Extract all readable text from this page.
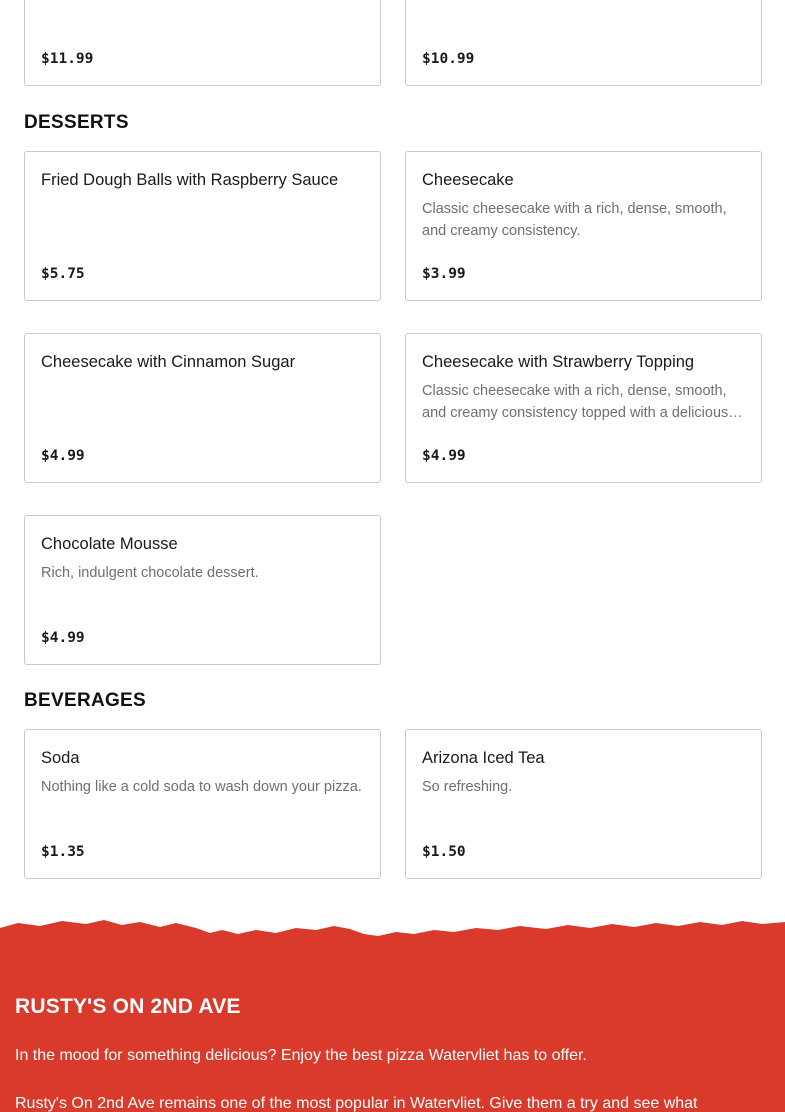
$11.99	$10.99
DESSERTS
Fried Dough Balls with Raspberry Sauce
$5.75
Cheesecake
Classic cheesecake with a rich, dense, smooth, and creamy consistency.
$3.99
Cheesecake with Cinnamon Sugar
$4.99
Cheesecake with Strawberry Topping
Classic cheesecake with a rich, dense, smooth, and creamy consistency topped with a delicious…
$4.99
Chocolate Mousse
Rich, indulgent chocolate dessert.
$4.99
BEVERAGES
Soda
Nothing like a cold soda to wash down your pizza.
$1.35
Arizona Iced Tea
So refreshing.
$1.50
RUSTY'S ON 2ND AVE
In the mood for something delicious? Enjoy the best pizza Watervliet has to offer.
Rusty's On 2nd Ave remains one of the most popular in Watervliet. Give them a try and see what
